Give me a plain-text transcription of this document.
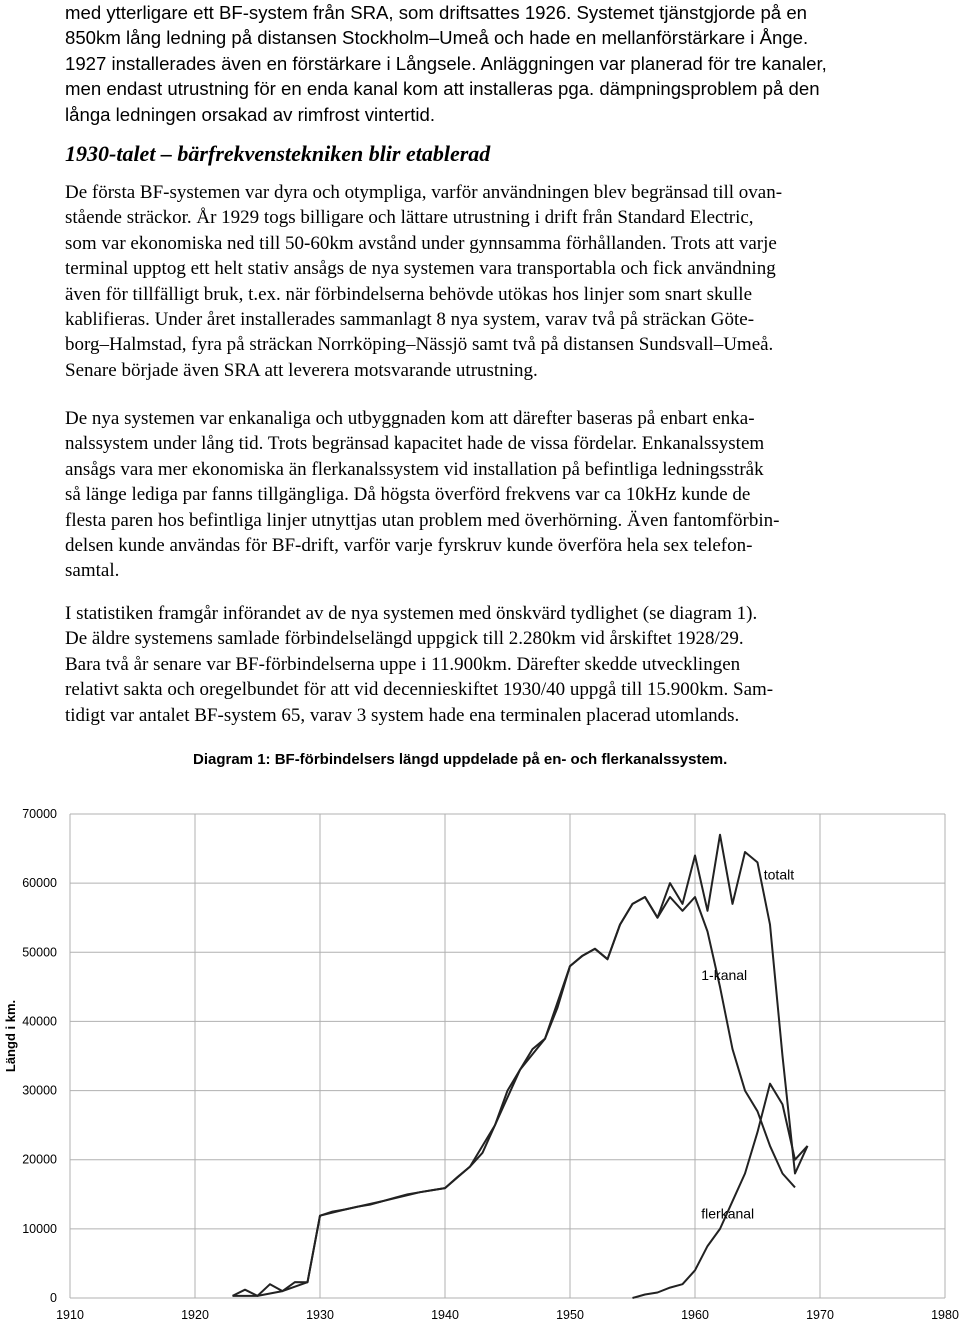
med ytterligare ett BF-system från SRA, som driftsattes 1926. Systemet tjänstgjorde på en
850km lång ledning på distansen Stockholm–Umeå och hade en mellanförstärkare i Ånge.
1927 installerades även en förstärkare i Långsele. Anläggningen var planerad för tre kanaler,
men endast utrustning för en enda kanal kom att installeras pga. dämpningsproblem på den
långa ledningen orsakad av rimfrost vintertid.
1930-talet – bärfrekvenstekniken blir etablerad
De första BF-systemen var dyra och otympliga, varför användningen blev begränsad till ovan-
stående sträckor. År 1929 togs billigare och lättare utrustning i drift från Standard Electric,
som var ekonomiska ned till 50-60km avstånd under gynnsamma förhållanden. Trots att varje
terminal upptog ett helt stativ ansågs de nya systemen vara transportabla och fick användning
även för tillfälligt bruk, t.ex. när förbindelserna behövde utökas hos linjer som snart skulle
kablifieras. Under året installerades sammanlagt 8 nya system, varav två på sträckan Göte-
borg–Halmstad, fyra på sträckan Norrköping–Nässjö samt två på distansen Sundsvall–Umeå.
Senare började även SRA att leverera motsvarande utrustning.
De nya systemen var enkanaliga och utbyggnaden kom att därefter baseras på enbart enka-
nalssystem under lång tid. Trots begränsad kapacitet hade de vissa fördelar. Enkanalssystem
ansågs vara mer ekonomiska än flerkanalssystem vid installation på befintliga ledningsstråk
så länge lediga par fanns tillgängliga. Då högsta överförd frekvens var ca 10kHz kunde de
flesta paren hos befintliga linjer utnyttjas utan problem med överhörning. Även fantomförbin-
delsen kunde användas för BF-drift, varför varje fyrskruv kunde överföra hela sex telefon-
samtal.
I statistiken framgår införandet av de nya systemen med önskvärd tydlighet (se diagram 1).
De äldre systemens samlade förbindelselängd uppgick till 2.280km vid årskiftet 1928/29.
Bara två år senare var BF-förbindelserna uppe i 11.900km. Därefter skedde utvecklingen
relativt sakta och oregelbundet för att vid decennieskiftet 1930/40 uppgå till 15.900km. Sam-
tidigt var antalet BF-system 65, varav 3 system hade ena terminalen placerad utomlands.
Diagram 1: BF-förbindelsers längd uppdelade på en- och flerkanalssystem.
0
10000
20000
30000
40000
50000
60000
70000
1910	1920	1930	1940	1950	1960	1970	1980
Längd i km.
totalt
1-kanal
flerkanal
